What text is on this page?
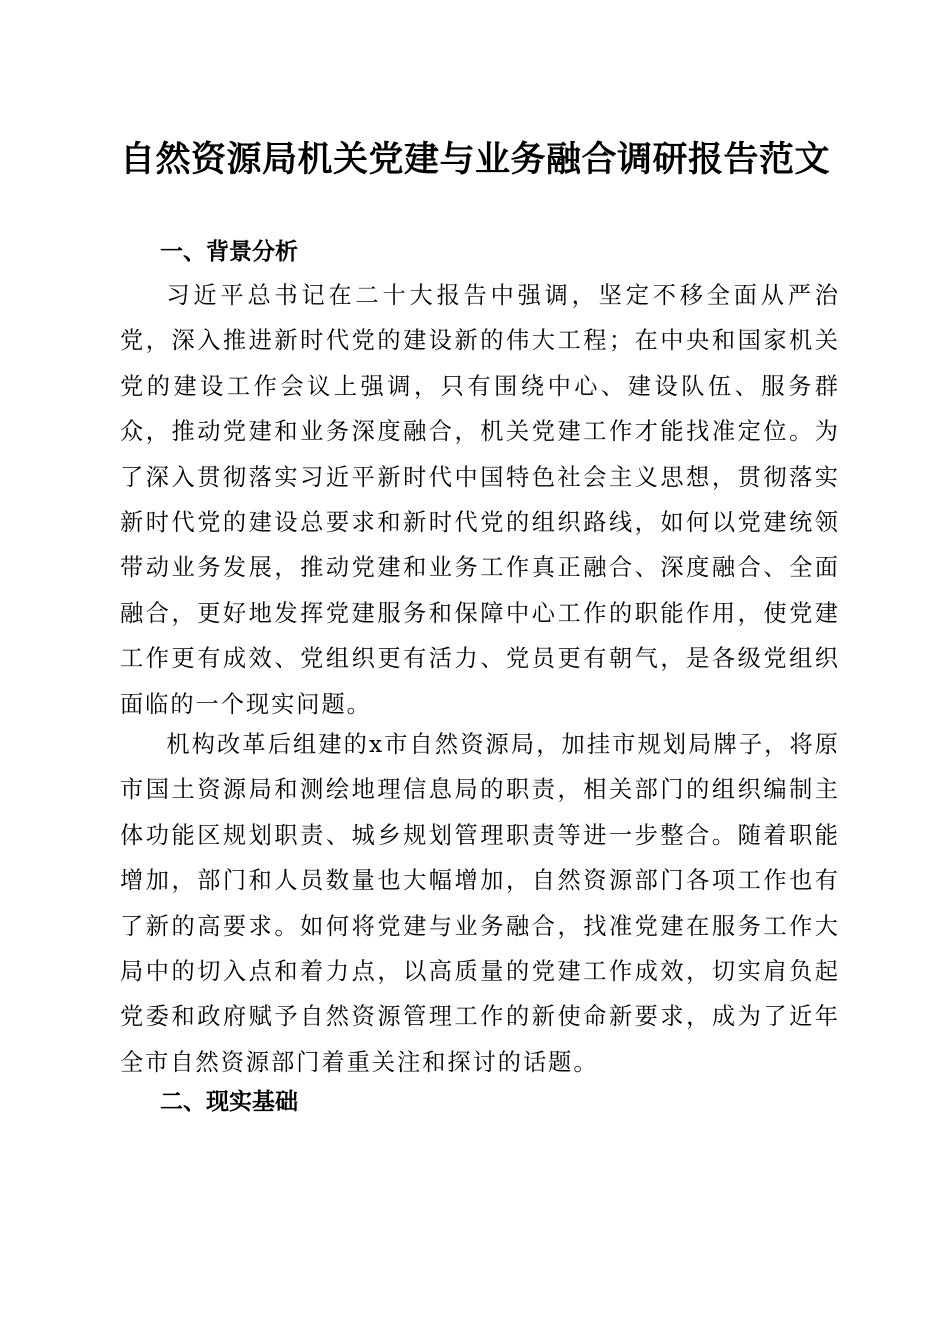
自然资源局机关党建与业务融合调研报告范文
一、背景分析

习近平总书记在二十大报告中强调，坚定不移全面从严治党，深入推进新时代党的建设新的伟大工程；在中央和国家机关党的建设工作会议上强调，只有围绕中心、建设队伍、服务群众，推动党建和业务深度融合，机关党建工作才能找准定位。为了深入贯彻落实习近平新时代中国特色社会主义思想，贯彻落实新时代党的建设总要求和新时代党的组织路线，如何以党建统领带动业务发展，推动党建和业务工作真正融合、深度融合、全面融合，更好地发挥党建服务和保障中心工作的职能作用，使党建工作更有成效、党组织更有活力、党员更有朝气，是各级党组织面临的一个现实问题。

机构改革后组建的x市自然资源局，加挂市规划局牌子，将原市国土资源局和测绘地理信息局的职责，相关部门的组织编制主体功能区规划职责、城乡规划管理职责等进一步整合。随着职能增加，部门和人员数量也大幅增加，自然资源部门各项工作也有了新的高要求。如何将党建与业务融合，找准党建在服务工作大局中的切入点和着力点，以高质量的党建工作成效，切实肩负起党委和政府赋予自然资源管理工作的新使命新要求，成为了近年全市自然资源部门着重关注和探讨的话题。

二、现实基础
